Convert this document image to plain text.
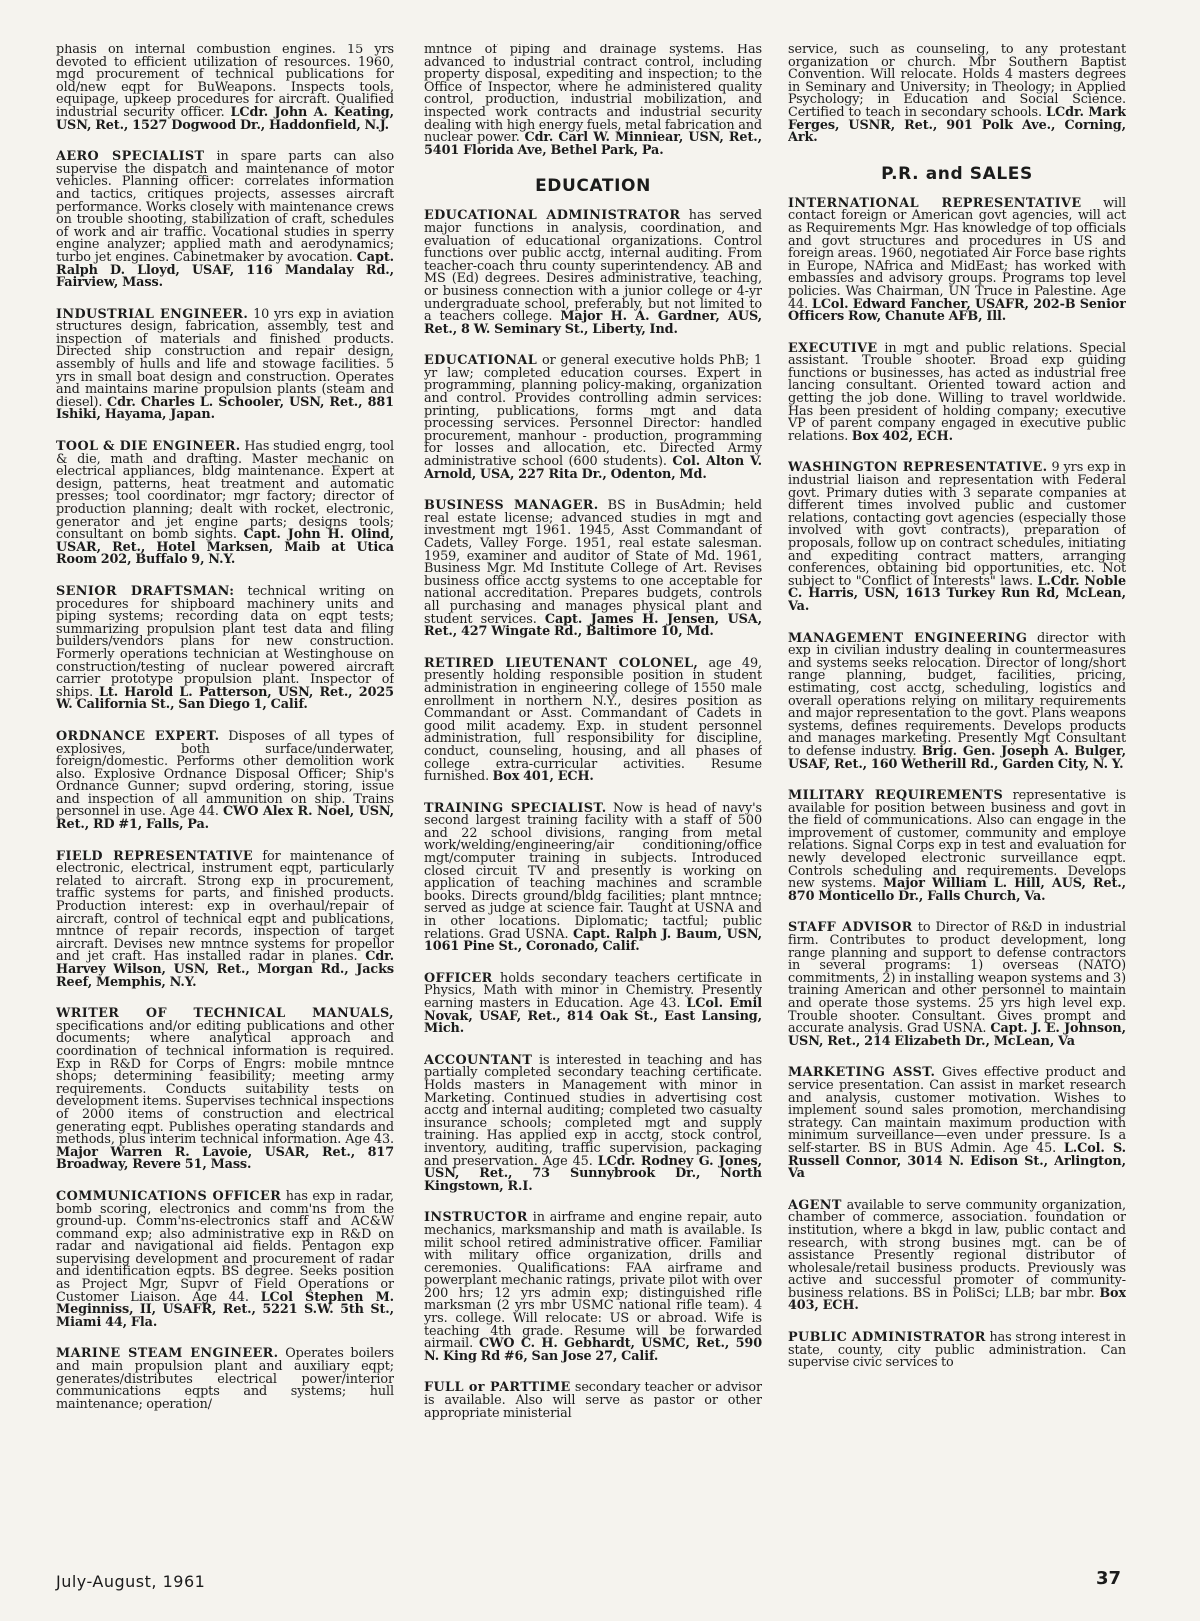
phasis on internal combustion engines. 15 yrs devoted to efficient utilization of resources. 1960, mgd procurement of technical publications for old/new eqpt for BuWeapons. Inspects tools, equipage, upkeep procedures for aircraft. Qualified industrial security officer. LCdr. John A. Keating, USN, Ret., 1527 Dogwood Dr., Haddonfield, N.J.
AERO SPECIALIST in spare parts can also supervise the dispatch and maintenance of motor vehicles. Planning officer: correlates information and tactics, critiques projects, assesses aircraft performance. Works closely with maintenance crews on trouble shooting, stabilization of craft, schedules of work and air traffic. Vocational studies in sperry engine analyzer; applied math and aerodynamics; turbo jet engines. Cabinetmaker by avocation. Capt. Ralph D. Lloyd, USAF, 116 Mandalay Rd., Fairview, Mass.
INDUSTRIAL ENGINEER. 10 yrs exp in aviation structures design, fabrication, assembly, test and inspection of materials and finished products. Directed ship construction and repair design, assembly of hulls and life and stowage facilities. 5 yrs in small boat design and construction. Operates and maintains marine propulsion plants (steam and diesel). Cdr. Charles L. Schooler, USN, Ret., 881 Ishiki, Hayama, Japan.
TOOL & DIE ENGINEER. Has studied engrg, tool & die, math and drafting. Master mechanic on electrical appliances, bldg maintenance. Expert at design, patterns, heat treatment and automatic presses; tool coordinator; mgr factory; director of production planning; dealt with rocket, electronic, generator and jet engine parts; designs tools; consultant on bomb sights. Capt. John H. Olind, USAR, Ret., Hotel Marksen, Maib at Utica Room 202, Buffalo 9, N.Y.
SENIOR DRAFTSMAN: technical writing on procedures for shipboard machinery units and piping systems; recording data on eqpt tests; summarizing propulsion plant test data and filing builders/vendors plans for new construction. Formerly operations technician at Westinghouse on construction/testing of nuclear powered aircraft carrier prototype propulsion plant. Inspector of ships. Lt. Harold L. Patterson, USN, Ret., 2025 W. California St., San Diego 1, Calif.
ORDNANCE EXPERT. Disposes of all types of explosives, both surface/underwater, foreign/domestic. Performs other demolition work also. Explosive Ordnance Disposal Officer; Ship's Ordnance Gunner; supvd ordering, storing, issue and inspection of all ammunition on ship. Trains personnel in use. Age 44. CWO Alex R. Noel, USN, Ret., RD #1, Falls, Pa.
FIELD REPRESENTATIVE for maintenance of electronic, electrical, instrument eqpt, particularly related to aircraft. Strong exp in procurement, traffic systems for parts, and finished products. Production interest: exp in overhaul/repair of aircraft, control of technical eqpt and publications, mntnce of repair records, inspection of target aircraft. Devises new mntnce systems for propellor and jet craft. Has installed radar in planes. Cdr. Harvey Wilson, USN, Ret., Morgan Rd., Jacks Reef, Memphis, N.Y.
WRITER OF TECHNICAL MANUALS, specifications and/or editing publications and other documents; where analytical approach and coordination of technical information is required. Exp in R&D for Corps of Engrs: mobile mntnce shops; determining feasibility; meeting army requirements. Conducts suitability tests on development items. Supervises technical inspections of 2000 items of construction and electrical generating eqpt. Publishes operating standards and methods, plus interim technical information. Age 43. Major Warren R. Lavoie, USAR, Ret., 817 Broadway, Revere 51, Mass.
COMMUNICATIONS OFFICER has exp in radar, bomb scoring, electronics and comm'ns from the ground-up. Comm'ns-electronics staff and AC&W command exp; also administrative exp in R&D on radar and navigational aid fields. Pentagon exp supervising development and procurement of radar and identification eqpts. BS degree. Seeks position as Project Mgr, Supvr of Field Operations or Customer Liaison. Age 44. LCol Stephen M. Meginniss, II, USAFR, Ret., 5221 S.W. 5th St., Miami 44, Fla.
MARINE STEAM ENGINEER. Operates boilers and main propulsion plant and auxiliary eqpt; generates/distributes electrical power/interior communications eqpts and systems; hull maintenance; operation/
mntnce of piping and drainage systems. Has advanced to industrial contract control, including property disposal, expediting and inspection; to the Office of Inspector, where he administered quality control, production, industrial mobilization, and inspected work contracts and industrial security dealing with high energy fuels, metal fabrication and nuclear power. Cdr. Carl W. Minniear, USN, Ret., 5401 Florida Ave, Bethel Park, Pa.
EDUCATION
EDUCATIONAL ADMINISTRATOR has served major functions in analysis, coordination, and evaluation of educational organizations. Control functions over public acctg, internal auditing. From teacher-coach thru county superintendency. AB and MS (Ed) degrees. Desires administrative, teaching, or business connection with a junior college or 4-yr undergraduate school, preferably, but not limited to a teachers college. Major H. A. Gardner, AUS, Ret., 8 W. Seminary St., Liberty, Ind.
EDUCATIONAL or general executive holds PhB; 1 yr law; completed education courses. Expert in programming, planning policy-making, organization and control. Provides controlling admin services: printing, publications, forms mgt and data processing services. Personnel Director: handled procurement, manhour - production, programming for losses and allocation, etc. Directed Army administrative school (600 students). Col. Alton V. Arnold, USA, 227 Rita Dr., Odenton, Md.
BUSINESS MANAGER. BS in BusAdmin; held real estate license; advanced studies in mgt and investment mgt 1961. 1945, Asst Commandant of Cadets, Valley Forge. 1951, real estate salesman. 1959, examiner and auditor of State of Md. 1961, Business Mgr. Md Institute College of Art. Revises business office acctg systems to one acceptable for national accreditation. Prepares budgets, controls all purchasing and manages physical plant and student services. Capt. James H. Jensen, USA, Ret., 427 Wingate Rd., Baltimore 10, Md.
RETIRED LIEUTENANT COLONEL, age 49, presently holding responsible position in student administration in engineering college of 1550 male enrollment in northern N.Y., desires position as Commandant or Asst. Commandant of Cadets in good milit academy. Exp. in student personnel administration, full responsibility for discipline, conduct, counseling, housing, and all phases of college extra-curricular activities. Resume furnished. Box 401, ECH.
TRAINING SPECIALIST. Now is head of navy's second largest training facility with a staff of 500 and 22 school divisions, ranging from metal work/welding/engineering/air conditioning/office mgt/computer training in subjects. Introduced closed circuit TV and presently is working on application of teaching machines and scramble books. Directs ground/bldg facilities; plant mntnce; served as judge at science fair. Taught at USNA and in other locations. Diplomatic; tactful; public relations. Grad USNA. Capt. Ralph J. Baum, USN, 1061 Pine St., Coronado, Calif.
OFFICER holds secondary teachers certificate in Physics, Math with minor in Chemistry. Presently earning masters in Education. Age 43. LCol. Emil Novak, USAF, Ret., 814 Oak St., East Lansing, Mich.
ACCOUNTANT is interested in teaching and has partially completed secondary teaching certificate. Holds masters in Management with minor in Marketing. Continued studies in advertising cost acctg and internal auditing; completed two casualty insurance schools; completed mgt and supply training. Has applied exp in acctg, stock control, inventory, auditing, traffic supervision, packaging and preservation. Age 45. LCdr. Rodney G. Jones, USN, Ret., 73 Sunnybrook Dr., North Kingstown, R.I.
INSTRUCTOR in airframe and engine repair, auto mechanics, marksmanship and math is available. Is milit school retired administrative officer. Familiar with military office organization, drills and ceremonies. Qualifications: FAA airframe and powerplant mechanic ratings, private pilot with over 200 hrs; 12 yrs admin exp; distinguished rifle marksman (2 yrs mbr USMC national rifle team). 4 yrs. college. Will relocate: US or abroad. Wife is teaching 4th grade. Resume will be forwarded airmail. CWO C. H. Gebhardt, USMC, Ret., 590 N. King Rd #6, San Jose 27, Calif.
FULL or PARTTIME secondary teacher or advisor is available. Also will serve as pastor or other appropriate ministerial
service, such as counseling, to any protestant organization or church. Mbr Southern Baptist Convention. Will relocate. Holds 4 masters degrees in Seminary and University; in Theology; in Applied Psychology; in Education and Social Science. Certified to teach in secondary schools. LCdr. Mark Ferges, USNR, Ret., 901 Polk Ave., Corning, Ark.
P.R. and SALES
INTERNATIONAL REPRESENTATIVE will contact foreign or American govt agencies, will act as Requirements Mgr. Has knowledge of top officials and govt structures and procedures in US and foreign areas. 1960, negotiated Air Force base rights in Europe, NAfrica and MidEast; has worked with embassies and advisory groups. Programs top level policies. Was Chairman, UN Truce in Palestine. Age 44. LCol. Edward Fancher, USAFR, 202-B Senior Officers Row, Chanute AFB, Ill.
EXECUTIVE in mgt and public relations. Special assistant. Trouble shooter. Broad exp guiding functions or businesses, has acted as industrial free lancing consultant. Oriented toward action and getting the job done. Willing to travel worldwide. Has been president of holding company; executive VP of parent company engaged in executive public relations. Box 402, ECH.
WASHINGTON REPRESENTATIVE. 9 yrs exp in industrial liaison and representation with Federal govt. Primary duties with 3 separate companies at different times involved public and customer relations, contacting govt agencies (especially those involved with govt contracts), preparation of proposals, follow up on contract schedules, initiating and expediting contract matters, arranging conferences, obtaining bid opportunities, etc. Not subject to "Conflict of Interests" laws. L.Cdr. Noble C. Harris, USN, 1613 Turkey Run Rd, McLean, Va.
MANAGEMENT ENGINEERING director with exp in civilian industry dealing in countermeasures and systems seeks relocation. Director of long/short range planning, budget, facilities, pricing, estimating, cost acctg, scheduling, logistics and overall operations relying on military requirements and major representation to the govt. Plans weapons systems, defines requirements. Develops products and manages marketing. Presently Mgt Consultant to defense industry. Brig. Gen. Joseph A. Bulger, USAF, Ret., 160 Wetherill Rd., Garden City, N. Y.
MILITARY REQUIREMENTS representative is available for position between business and govt in the field of communications. Also can engage in the improvement of customer, community and employe relations. Signal Corps exp in test and evaluation for newly developed electronic surveillance eqpt. Controls scheduling and requirements. Develops new systems. Major William L. Hill, AUS, Ret., 870 Monticello Dr., Falls Church, Va.
STAFF ADVISOR to Director of R&D in industrial firm. Contributes to product development, long range planning and support to defense contractors in several programs: 1) overseas (NATO) commitments, 2) in installing weapon systems and 3) training American and other personnel to maintain and operate those systems. 25 yrs high level exp. Trouble shooter. Consultant. Gives prompt and accurate analysis. Grad USNA. Capt. J. E. Johnson, USN, Ret., 214 Elizabeth Dr., McLean, Va
MARKETING ASST. Gives effective product and service presentation. Can assist in market research and analysis, customer motivation. Wishes to implement sound sales promotion, merchandising strategy. Can maintain maximum production with minimum surveillance—even under pressure. Is a self-starter. BS in BUS Admin. Age 45. L.Col. S. Russell Connor, 3014 N. Edison St., Arlington, Va
AGENT available to serve community organization, chamber of commerce, association. foundation or institution, where a bkgd in law, public contact and research, with strong busines mgt. can be of assistance Presently regional distributor of wholesale/retail business products. Previously was active and successful promoter of community-business relations. BS in PoliSci; LLB; bar mbr. Box 403, ECH.
PUBLIC ADMINISTRATOR has strong interest in state, county, city public administration. Can supervise civic services to
July-August, 1961	37
